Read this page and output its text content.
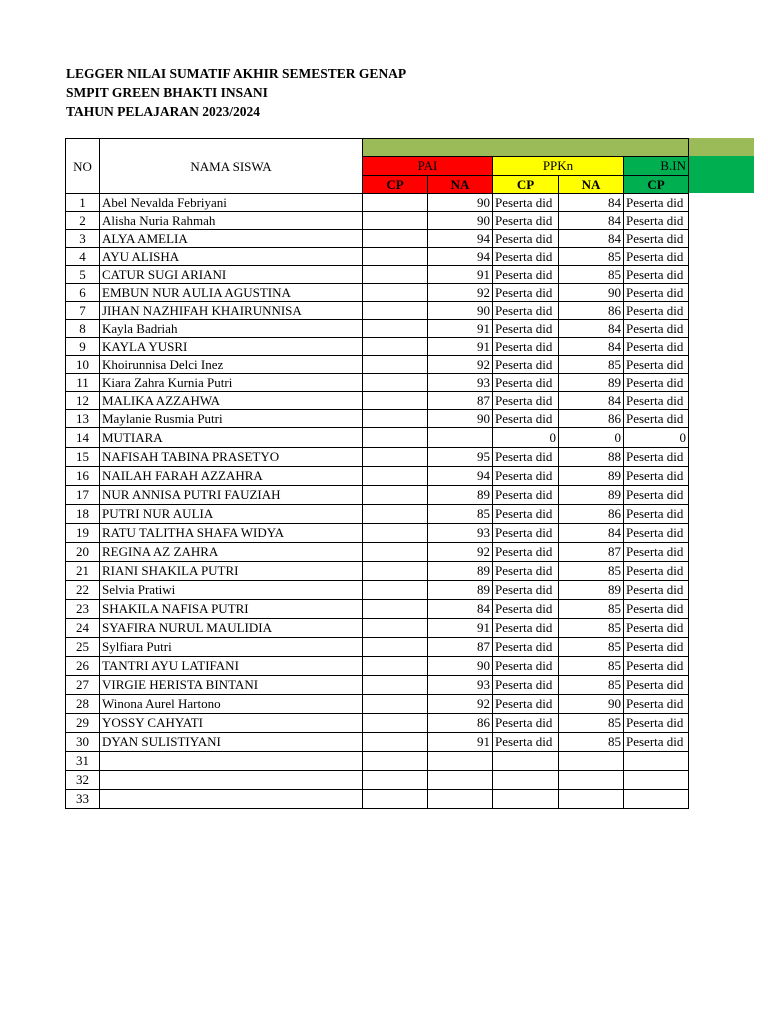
LEGGER NILAI SUMATIF AKHIR SEMESTER GENAP
SMPIT GREEN BHAKTI INSANI
TAHUN PELAJARAN 2023/2024
NO	NAMA SISWA					
		PAI		PPKn		B.IN
		CP	NA	CP	NA	CP
1	Abel Nevalda Febriyani		90	Peserta did	84	Peserta did
2	Alisha Nuria Rahmah		90	Peserta did	84	Peserta did
3	ALYA AMELIA		94	Peserta did	84	Peserta did
4	AYU ALISHA		94	Peserta did	85	Peserta did
5	CATUR SUGI ARIANI		91	Peserta did	85	Peserta did
6	EMBUN NUR AULIA AGUSTINA		92	Peserta did	90	Peserta did
7	JIHAN NAZHIFAH KHAIRUNNISA		90	Peserta did	86	Peserta did
8	Kayla Badriah		91	Peserta did	84	Peserta did
9	KAYLA YUSRI		91	Peserta did	84	Peserta did
10	Khoirunnisa Delci Inez		92	Peserta did	85	Peserta did
11	Kiara Zahra Kurnia Putri		93	Peserta did	89	Peserta did
12	MALIKA AZZAHWA		87	Peserta did	84	Peserta did
13	Maylanie Rusmia Putri		90	Peserta did	86	Peserta did
14	MUTIARA			0	0	0
15	NAFISAH TABINA PRASETYO		95	Peserta did	88	Peserta did
16	NAILAH FARAH AZZAHRA		94	Peserta did	89	Peserta did
17	NUR ANNISA PUTRI FAUZIAH		89	Peserta did	89	Peserta did
18	PUTRI NUR AULIA		85	Peserta did	86	Peserta did
19	RATU TALITHA SHAFA WIDYA		93	Peserta did	84	Peserta did
20	REGINA AZ ZAHRA		92	Peserta did	87	Peserta did
21	RIANI SHAKILA PUTRI		89	Peserta did	85	Peserta did
22	Selvia Pratiwi		89	Peserta did	89	Peserta did
23	SHAKILA NAFISA PUTRI		84	Peserta did	85	Peserta did
24	SYAFIRA NURUL MAULIDIA		91	Peserta did	85	Peserta did
25	Sylfiara Putri		87	Peserta did	85	Peserta did
26	TANTRI AYU LATIFANI		90	Peserta did	85	Peserta did
27	VIRGIE HERISTA BINTANI		93	Peserta did	85	Peserta did
28	Winona Aurel Hartono		92	Peserta did	90	Peserta did
29	YOSSY CAHYATI		86	Peserta did	85	Peserta did
30	DYAN SULISTIYANI		91	Peserta did	85	Peserta did
31						
32						
33						
